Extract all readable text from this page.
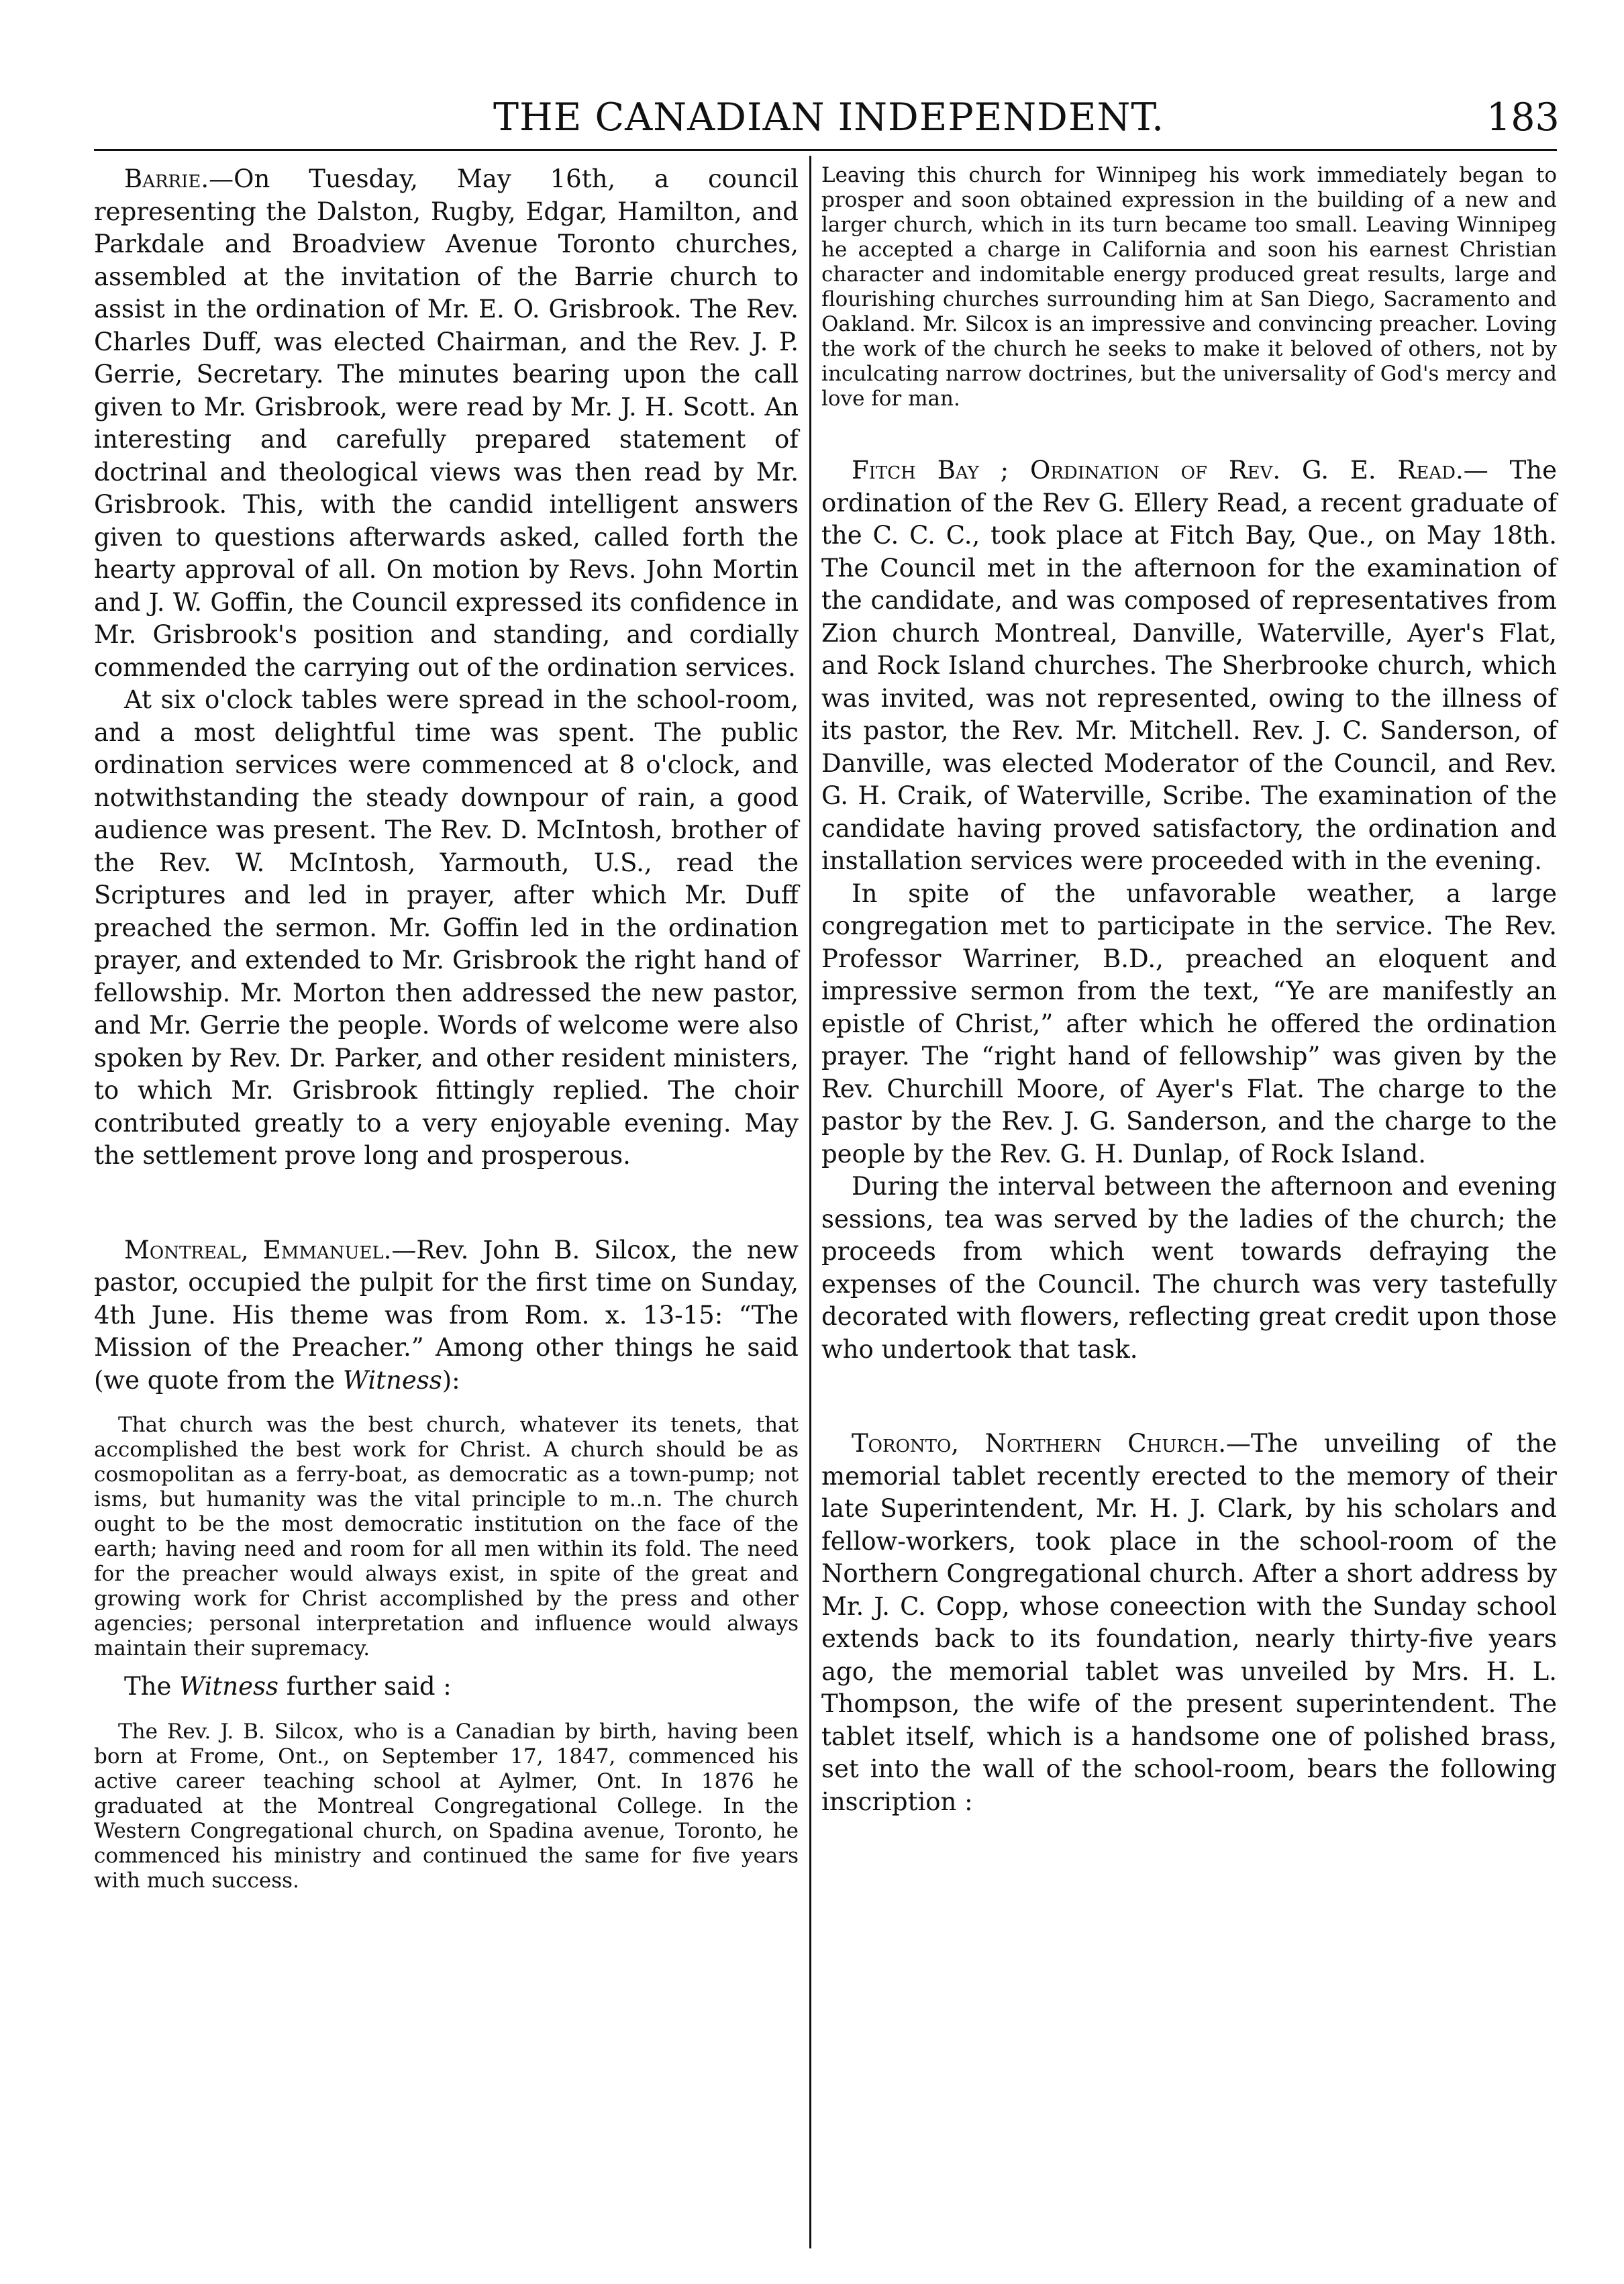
THE CANADIAN INDEPENDENT.	183

Barrie.—On Tuesday, May 16th, a council representing the Dalston, Rugby, Edgar, Hamilton, and Parkdale and Broadview Avenue Toronto churches, assembled at the invitation of the Barrie church to assist in the ordination of Mr. E. O. Grisbrook. The Rev. Charles Duff, was elected Chairman, and the Rev. J. P. Gerrie, Secretary. The minutes bearing upon the call given to Mr. Grisbrook, were read by Mr. J. H. Scott. An interesting and carefully prepared statement of doctrinal and theological views was then read by Mr. Grisbrook. This, with the candid intelligent answers given to questions afterwards asked, called forth the hearty approval of all. On motion by Revs. John Mortin and J. W. Goffin, the Council expressed its confidence in Mr. Grisbrook's position and standing, and cordially commended the carrying out of the ordination services.

At six o'clock tables were spread in the school-room, and a most delightful time was spent. The public ordination services were commenced at 8 o'clock, and notwithstanding the steady downpour of rain, a good audience was present. The Rev. D. McIntosh, brother of the Rev. W. McIntosh, Yarmouth, U.S., read the Scriptures and led in prayer, after which Mr. Duff preached the sermon. Mr. Goffin led in the ordination prayer, and extended to Mr. Grisbrook the right hand of fellowship. Mr. Morton then addressed the new pastor, and Mr. Gerrie the people. Words of welcome were also spoken by Rev. Dr. Parker, and other resident ministers, to which Mr. Grisbrook fittingly replied. The choir contributed greatly to a very enjoyable evening. May the settlement prove long and prosperous.

Montreal, Emmanuel.—Rev. John B. Silcox, the new pastor, occupied the pulpit for the first time on Sunday, 4th June. His theme was from Rom. x. 13-15: “The Mission of the Preacher.” Among other things he said (we quote from the Witness):

That church was the best church, whatever its tenets, that accomplished the best work for Christ. A church should be as cosmopolitan as a ferry-boat, as democratic as a town-pump; not isms, but humanity was the vital principle to m..n. The church ought to be the most democratic institution on the face of the earth; having need and room for all men within its fold. The need for the preacher would always exist, in spite of the great and growing work for Christ accomplished by the press and other agencies; personal interpretation and influence would always maintain their supremacy.

The Witness further said :

The Rev. J. B. Silcox, who is a Canadian by birth, having been born at Frome, Ont., on September 17, 1847, commenced his active career teaching school at Aylmer, Ont. In 1876 he graduated at the Montreal Congregational College. In the Western Congregational church, on Spadina avenue, Toronto, he commenced his ministry and continued the same for five years with much success.

Leaving this church for Winnipeg his work immediately began to prosper and soon obtained expression in the building of a new and larger church, which in its turn became too small. Leaving Winnipeg he accepted a charge in California and soon his earnest Christian character and indomitable energy produced great results, large and flourishing churches surrounding him at San Diego, Sacramento and Oakland. Mr. Silcox is an impressive and convincing preacher. Loving the work of the church he seeks to make it beloved of others, not by inculcating narrow doctrines, but the universality of God's mercy and love for man.

Fitch Bay ; Ordination of Rev. G. E. Read.— The ordination of the Rev G. Ellery Read, a recent graduate of the C. C. C., took place at Fitch Bay, Que., on May 18th. The Council met in the afternoon for the examination of the candidate, and was composed of representatives from Zion church Montreal, Danville, Waterville, Ayer's Flat, and Rock Island churches. The Sherbrooke church, which was invited, was not represented, owing to the illness of its pastor, the Rev. Mr. Mitchell. Rev. J. C. Sanderson, of Danville, was elected Moderator of the Council, and Rev. G. H. Craik, of Waterville, Scribe. The examination of the candidate having proved satisfactory, the ordination and installation services were proceeded with in the evening.

In spite of the unfavorable weather, a large congregation met to participate in the service. The Rev. Professor Warriner, B.D., preached an eloquent and impressive sermon from the text, “Ye are manifestly an epistle of Christ,” after which he offered the ordination prayer. The “right hand of fellowship” was given by the Rev. Churchill Moore, of Ayer's Flat. The charge to the pastor by the Rev. J. G. Sanderson, and the charge to the people by the Rev. G. H. Dunlap, of Rock Island.

During the interval between the afternoon and evening sessions, tea was served by the ladies of the church; the proceeds from which went towards defraying the expenses of the Council. The church was very tastefully decorated with flowers, reflecting great credit upon those who undertook that task.

Toronto, Northern Church.—The unveiling of the memorial tablet recently erected to the memory of their late Superintendent, Mr. H. J. Clark, by his scholars and fellow-workers, took place in the school-room of the Northern Congregational church. After a short address by Mr. J. C. Copp, whose coneection with the Sunday school extends back to its foundation, nearly thirty-five years ago, the memorial tablet was unveiled by Mrs. H. L. Thompson, the wife of the present superintendent. The tablet itself, which is a handsome one of polished brass, set into the wall of the school-room, bears the following inscription :
